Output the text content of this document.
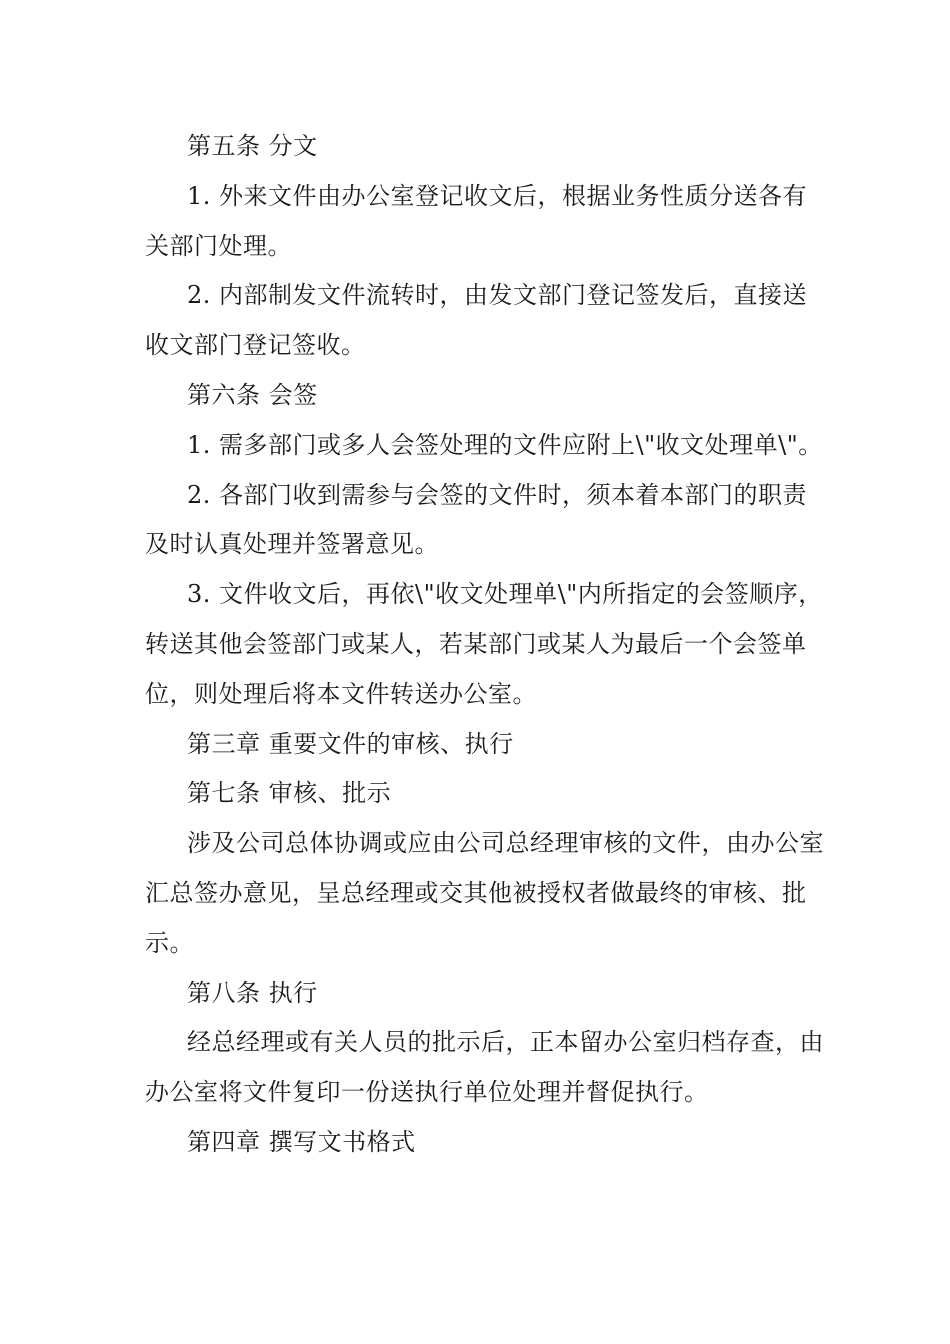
第五条 分文

1. 外来文件由办公室登记收文后，根据业务性质分送各有关部门处理。

2. 内部制发文件流转时，由发文部门登记签发后，直接送收文部门登记签收。

第六条 会签

1. 需多部门或多人会签处理的文件应附上\"收文处理单\"。

2. 各部门收到需参与会签的文件时，须本着本部门的职责及时认真处理并签署意见。

3. 文件收文后，再依\"收文处理单\"内所指定的会签顺序，转送其他会签部门或某人，若某部门或某人为最后一个会签单位，则处理后将本文件转送办公室。

第三章 重要文件的审核、执行

第七条 审核、批示

涉及公司总体协调或应由公司总经理审核的文件，由办公室汇总签办意见，呈总经理或交其他被授权者做最终的审核、批示。

第八条 执行

经总经理或有关人员的批示后，正本留办公室归档存查，由办公室将文件复印一份送执行单位处理并督促执行。

第四章 撰写文书格式
